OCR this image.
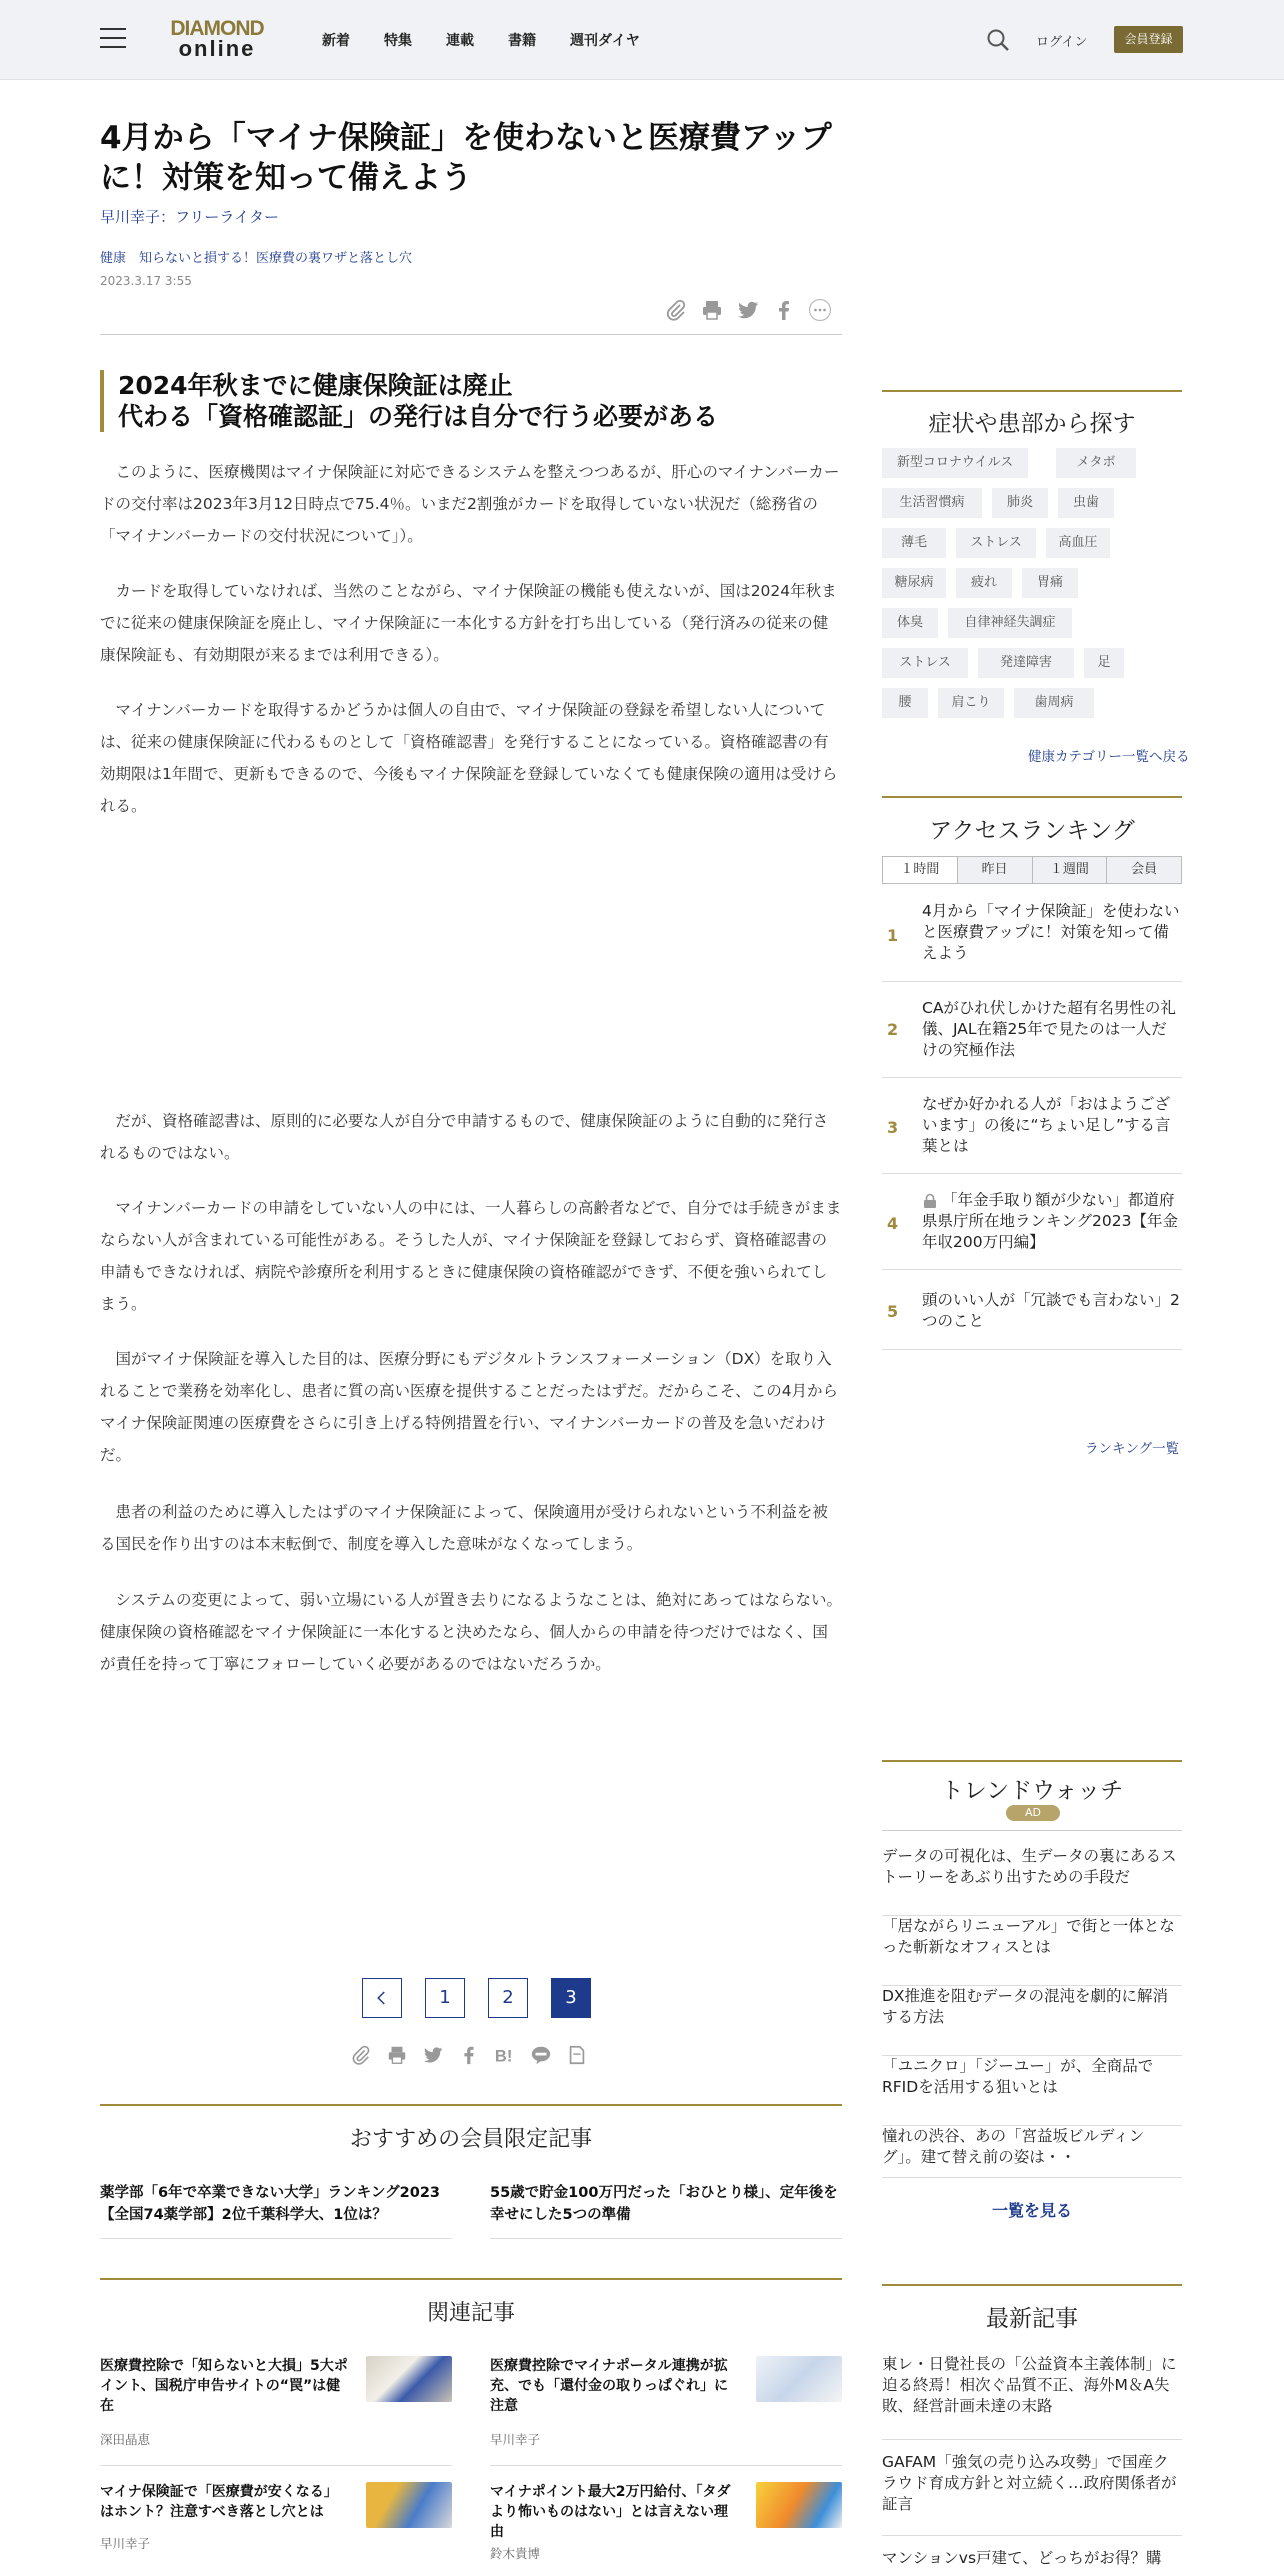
DIAMOND
online	新着 特集 連載 書籍 週刊ダイヤ	ログイン	会員登録
4月から「マイナ保険証」を使わないと医療費アップに！対策を知って備えよう
早川幸子：フリーライター
健康　知らないと損する！医療費の裏ワザと落とし穴
2023.3.17 3:55
2024年秋までに健康保険証は廃止
代わる「資格確認証」の発行は自分で行う必要がある

このように、医療機関はマイナ保険証に対応できるシステムを整えつつあるが、肝心のマイナンバーカードの交付率は2023年3月12日時点で75.4％。いまだ2割強がカードを取得していない状況だ（総務省の「マイナンバーカードの交付状況について」）。

カードを取得していなければ、当然のことながら、マイナ保険証の機能も使えないが、国は2024年秋までに従来の健康保険証を廃止し、マイナ保険証に一本化する方針を打ち出している（発行済みの従来の健康保険証も、有効期限が来るまでは利用できる）。

マイナンバーカードを取得するかどうかは個人の自由で、マイナ保険証の登録を希望しない人については、従来の健康保険証に代わるものとして「資格確認書」を発行することになっている。資格確認書の有効期限は1年間で、更新もできるので、今後もマイナ保険証を登録していなくても健康保険の適用は受けられる。

だが、資格確認書は、原則的に必要な人が自分で申請するもので、健康保険証のように自動的に発行されるものではない。

マイナンバーカードの申請をしていない人の中には、一人暮らしの高齢者などで、自分では手続きがままならない人が含まれている可能性がある。そうした人が、マイナ保険証を登録しておらず、資格確認書の申請もできなければ、病院や診療所を利用するときに健康保険の資格確認ができず、不便を強いられてしまう。

国がマイナ保険証を導入した目的は、医療分野にもデジタルトランスフォーメーション（DX）を取り入れることで業務を効率化し、患者に質の高い医療を提供することだったはずだ。だからこそ、この4月からマイナ保険証関連の医療費をさらに引き上げる特例措置を行い、マイナンバーカードの普及を急いだわけだ。

患者の利益のために導入したはずのマイナ保険証によって、保険適用が受けられないという不利益を被る国民を作り出すのは本末転倒で、制度を導入した意味がなくなってしまう。

システムの変更によって、弱い立場にいる人が置き去りになるようなことは、絶対にあってはならない。健康保険の資格確認をマイナ保険証に一本化すると決めたなら、個人からの申請を待つだけではなく、国が責任を持って丁寧にフォローしていく必要があるのではないだろうか。

1	2	3
B!
おすすめの会員限定記事
薬学部「6年で卒業できない大学」ランキング2023【全国74薬学部】2位千葉科学大、1位は？
55歳で貯金100万円だった「おひとり様」、定年後を幸せにした5つの準備
関連記事
医療費控除で「知らないと大損」5大ポイント、国税庁申告サイトの“罠”は健在
深田晶恵
医療費控除でマイナポータル連携が拡充、でも「還付金の取りっぱぐれ」に注意
早川幸子
マイナ保険証で「医療費が安くなる」はホント？注意すべき落とし穴とは
早川幸子
マイナポイント最大2万円給付、「タダより怖いものはない」とは言えない理由
鈴木貴博
症状や患部から探す
新型コロナウイルス	メタボ
生活習慣病	肺炎	虫歯
薄毛	ストレス	高血圧
糖尿病	疲れ	胃痛
体臭	自律神経失調症
ストレス	発達障害	足
腰	肩こり	歯周病
健康カテゴリー一覧へ戻る
アクセスランキング
１時間	昨日	１週間	会員
1
4月から「マイナ保険証」を使わないと医療費アップに！対策を知って備えよう
2
CAがひれ伏しかけた超有名男性の礼儀、JAL在籍25年で見たのは一人だけの究極作法
3
なぜか好かれる人が「おはようございます」の後に“ちょい足し”する言葉とは
4
「年金手取り額が少ない」都道府県県庁所在地ランキング2023【年金年収200万円編】
5
頭のいい人が「冗談でも言わない」2つのこと
ランキング一覧
トレンドウォッチ
AD
データの可視化は、生データの裏にあるストーリーをあぶり出すための手段だ
「居ながらリニューアル」で街と一体となった斬新なオフィスとは
DX推進を阻むデータの混沌を劇的に解消する方法
「ユニクロ」「ジーユー」が、全商品でRFIDを活用する狙いとは
憧れの渋谷、あの「宮益坂ビルディング」。建て替え前の姿は・・
一覧を見る
最新記事
東レ・日覺社長の「公益資本主義体制」に迫る終焉！相次ぐ品質不正、海外M＆A失敗、経営計画未達の末路
GAFAM「強気の売り込み攻勢」で国産クラウド育成方針と対立続く…政府関係者が証言
マンションvs戸建て、どっちがお得？購
